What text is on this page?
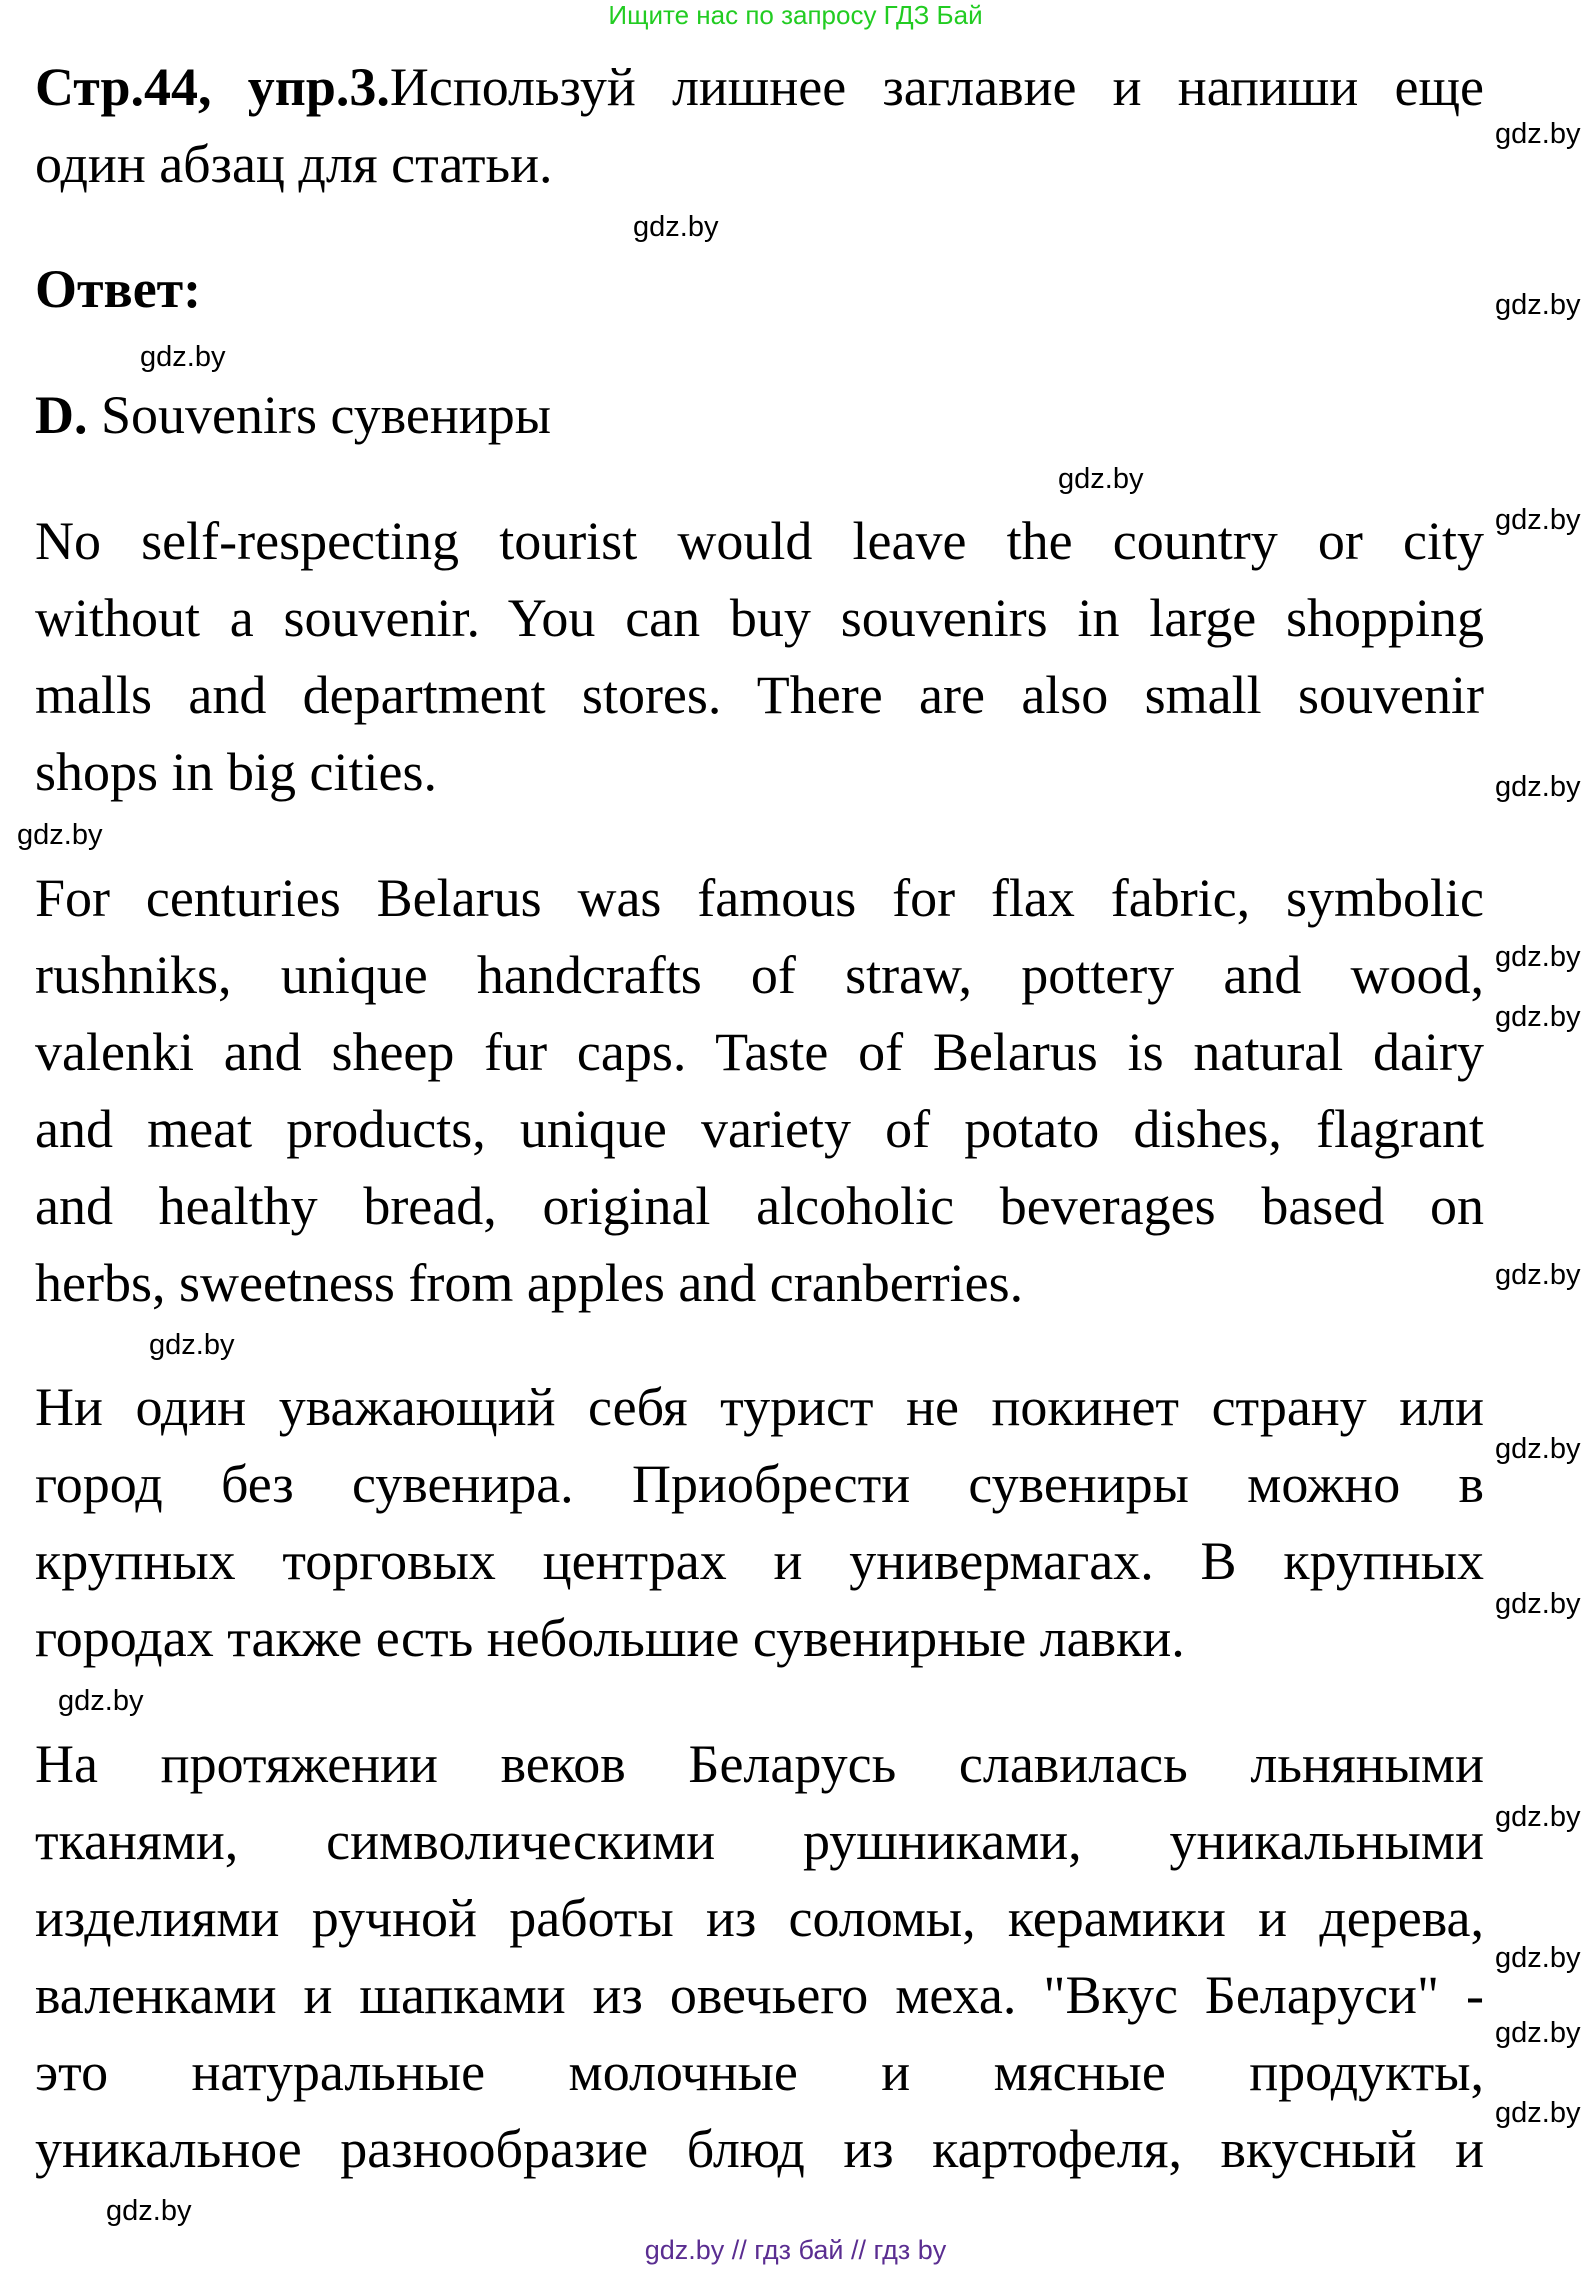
Ищите нас по запросу ГДЗ Бай
Стр.44, упр.3.Используй лишнее заглавие и напиши еще
один абзац для статьи.
Ответ:
D. Souvenirs сувениры
No self-respecting tourist would leave the country or city
without a souvenir. You can buy souvenirs in large shopping
malls and department stores. There are also small souvenir
shops in big cities.
For centuries Belarus was famous for flax fabric, symbolic
rushniks, unique handcrafts of straw, pottery and wood,
valenki and sheep fur caps. Taste of Belarus is natural dairy
and meat products, unique variety of potato dishes, flagrant
and healthy bread, original alcoholic beverages based on
herbs, sweetness from apples and cranberries.
Ни один уважающий себя турист не покинет страну или
город без сувенира. Приобрести сувениры можно в
крупных торговых центрах и универмагах. В крупных
городах также есть небольшие сувенирные лавки.
На протяжении веков Беларусь славилась льняными
тканями, символическими рушниками, уникальными
изделиями ручной работы из соломы, керамики и дерева,
валенками и шапками из овечьего меха. "Вкус Беларуси" -
это натуральные молочные и мясные продукты,
уникальное разнообразие блюд из картофеля, вкусный и
gdz.by
gdz.by
gdz.by
gdz.by
gdz.by
gdz.by
gdz.by
gdz.by
gdz.by
gdz.by
gdz.by
gdz.by
gdz.by
gdz.by
gdz.by
gdz.by
gdz.by
gdz.by
gdz.by
gdz.by
gdz.by // гдз бай // гдз by
